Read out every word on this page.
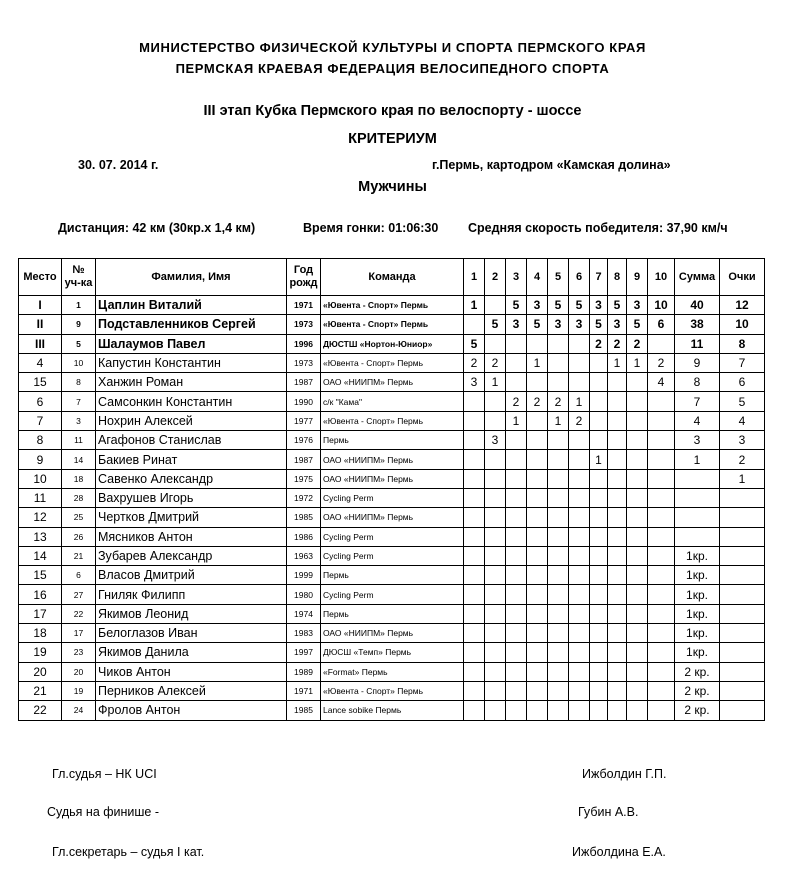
МИНИСТЕРСТВО ФИЗИЧЕСКОЙ КУЛЬТУРЫ И СПОРТА ПЕРМСКОГО КРАЯ
ПЕРМСКАЯ КРАЕВАЯ ФЕДЕРАЦИЯ ВЕЛОСИПЕДНОГО СПОРТА
III этап Кубка Пермского края по велоспорту - шоссе
КРИТЕРИУМ
30. 07. 2014 г.	г.Пермь, картодром «Камская долина»
Мужчины
Дистанция: 42 км (30кр.х 1,4 км)	Время гонки: 01:06:30 Средняя скорость победителя: 37,90 км/ч
Место	№ уч-ка	Фамилия, Имя	Год рожд	Команда	1	2	3	4	5	6	7	8	9	10	Сумма	Очки
I	1	Цаплин Виталий	1971	«Ювента - Спорт» Пермь	1		5	3	5	5	3	5	3	10	40	12
II	9	Подставленников Сергей	1973	«Ювента - Спорт» Пермь		5	3	5	3	3	5	3	5	6	38	10
III	5	Шалаумов Павел	1996	ДЮСТШ «Нортон-Юниор»	5						2	2	2		11	8
4	10	Капустин Константин	1973	«Ювента - Спорт» Пермь	2	2		1				1	1	2	9	7
15	8	Ханжин Роман	1987	ОАО «НИИПМ» Пермь	3	1								4	8	6
6	7	Самсонкин Константин	1990	с/к "Кама"			2	2	2	1					7	5
7	3	Нохрин Алексей	1977	«Ювента - Спорт» Пермь			1		1	2					4	4
8	11	Агафонов Станислав	1976	Пермь		3									3	3
9	14	Бакиев Ринат	1987	ОАО «НИИПМ» Пермь							1				1	2
10	18	Савенко Александр	1975	ОАО «НИИПМ» Пермь												1
11	28	Вахрушев Игорь	1972	Cycling Perm												
12	25	Чертков Дмитрий	1985	ОАО «НИИПМ» Пермь												
13	26	Мясников Антон	1986	Cycling Perm												
14	21	Зубарев Александр	1963	Cycling Perm											1кр.	
15	6	Власов Дмитрий	1999	Пермь											1кр.	
16	27	Гниляк Филипп	1980	Cycling Perm											1кр.	
17	22	Якимов Леонид	1974	Пермь											1кр.	
18	17	Белоглазов Иван	1983	ОАО «НИИПМ» Пермь											1кр.	
19	23	Якимов Данила	1997	ДЮСШ «Темп» Пермь											1кр.	
20	20	Чиков Антон	1989	«Format» Пермь											2 кр.	
21	19	Перников Алексей	1971	«Ювента - Спорт» Пермь											2 кр.	
22	24	Фролов Антон	1985	Lance sobike Пермь											2 кр.	
Гл.судья – НК UCI	Ижболдин Г.П.
Судья на финише -	Губин А.В.
Гл.секретарь – судья I кат.	Ижболдина Е.А.
